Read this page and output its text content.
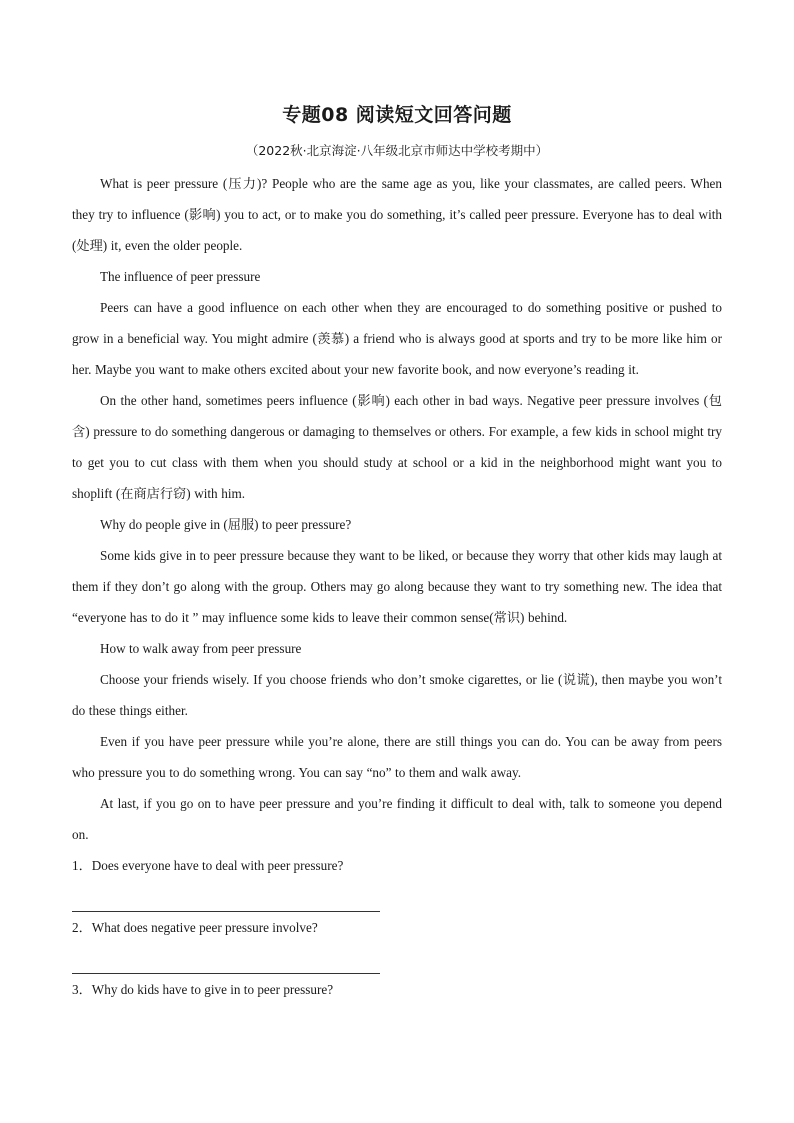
专题08 阅读短文回答问题
（2022秋·北京海淀·八年级北京市师达中学校考期中）

What is peer pressure (压力)? People who are the same age as you, like your classmates, are called peers. When they try to influence (影响) you to act, or to make you do something, it’s called peer pressure. Everyone has to deal with (处理) it, even the older people.

The influence of peer pressure

Peers can have a good influence on each other when they are encouraged to do something positive or pushed to grow in a beneficial way. You might admire (羡慕) a friend who is always good at sports and try to be more like him or her. Maybe you want to make others excited about your new favorite book, and now everyone’s reading it.

On the other hand, sometimes peers influence (影响) each other in bad ways. Negative peer pressure involves (包含) pressure to do something dangerous or damaging to themselves or others. For example, a few kids in school might try to get you to cut class with them when you should study at school or a kid in the neighborhood might want you to shoplift (在商店行窃) with him.

Why do people give in (屈服) to peer pressure?

Some kids give in to peer pressure because they want to be liked, or because they worry that other kids may laugh at them if they don’t go along with the group. Others may go along because they want to try something new. The idea that “everyone has to do it ” may influence some kids to leave their common sense(常识) behind.

How to walk away from peer pressure

Choose your friends wisely. If you choose friends who don’t smoke cigarettes, or lie (说谎), then maybe you won’t do these things either.

Even if you have peer pressure while you’re alone, there are still things you can do. You can be away from peers who pressure you to do something wrong. You can say “no” to them and walk away.

At last, if you go on to have peer pressure and you’re finding it difficult to deal with, talk to someone you depend on.

1．Does everyone have to deal with peer pressure?

2．What does negative peer pressure involve?

3．Why do kids have to give in to peer pressure?
